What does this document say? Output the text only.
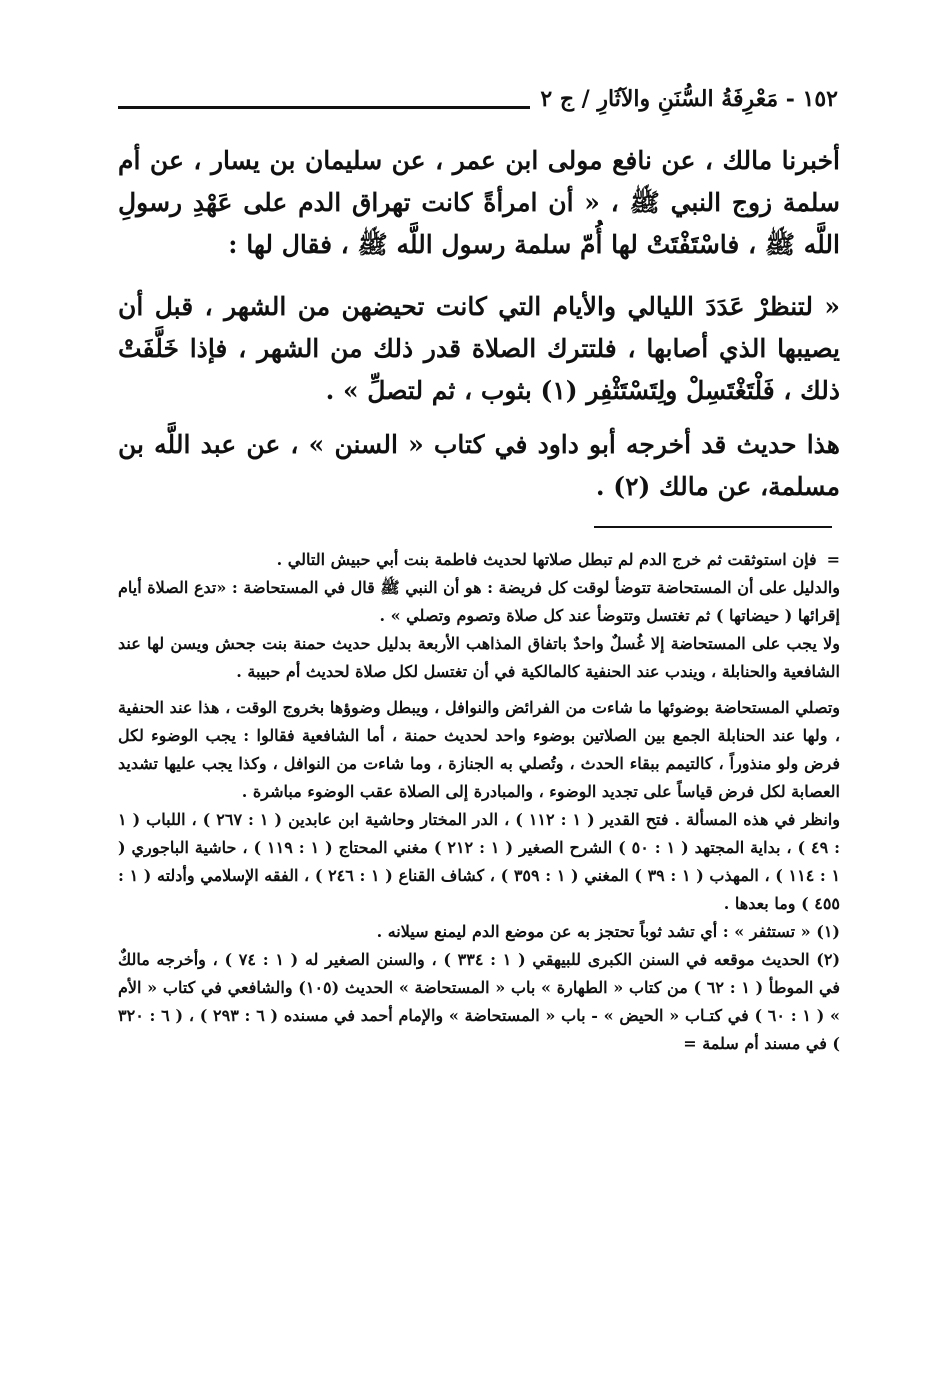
١٥٢ - مَعْرِفَةُ السُّنَنِ والآثَارِ / ج ٢

أخبرنا مالك ، عن نافع مولى ابن عمر ، عن سليمان بن يسار ، عن أم سلمة زوج النبي ﷺ ، « أن امرأةً كانت تهراق الدم على عَهْدِ رسولِ اللَّه ﷺ ، فاسْتَفْتَتْ لها أُمّ سلمة رسول اللَّه ﷺ ، فقال لها :

« لتنظرْ عَدَدَ الليالي والأيام التي كانت تحيضهن من الشهر ، قبل أن يصيبها الذي أصابها ، فلتترك الصلاة قدر ذلك من الشهر ، فإذا خَلَّفَتْ ذلك ، فَلْتَغْتَسِلْ ولِتَسْتَثْفِر (١) بثوب ، ثم لتصلِّ » .

هذا حديث قد أخرجه أبو داود في كتاب « السنن » ، عن عبد اللَّه بن مسلمة، عن مالك (٢) .

=فإن استوثقت ثم خرج الدم لم تبطل صلاتها لحديث فاطمة بنت أبي حبيش التالي .

والدليل على أن المستحاضة تتوضأ لوقت كل فريضة : هو أن النبي ﷺ قال في المستحاضة : «تدع الصلاة أيام إقرائها ( حيضاتها ) ثم تغتسل وتتوضأ عند كل صلاة وتصوم وتصلي » .

ولا يجب على المستحاضة إلا غُسلٌ واحدٌ باتفاق المذاهب الأربعة بدليل حديث حمنة بنت جحش ويسن لها عند الشافعية والحنابلة ، ويندب عند الحنفية كالمالكية في أن تغتسل لكل صلاة لحديث أم حبيبة .

وتصلي المستحاضة بوضوئها ما شاءت من الفرائض والنوافل ، ويبطل وضوؤها بخروج الوقت ، هذا عند الحنفية ، ولها عند الحنابلة الجمع بين الصلاتين بوضوء واحد لحديث حمنة ، أما الشافعية فقالوا : يجب الوضوء لكل فرض ولو منذوراً ، كالتيمم ببقاء الحدث ، وتُصلي به الجنازة ، وما شاءت من النوافل ، وكذا يجب عليها تشديد العصابة لكل فرض قياساً على تجديد الوضوء ، والمبادرة إلى الصلاة عقب الوضوء مباشرة .

وانظر في هذه المسألة . فتح القدير ( ١ : ١١٢ ) ، الدر المختار وحاشية ابن عابدين ( ١ : ٢٦٧ ) ، اللباب ( ١ : ٤٩ ) ، بداية المجتهد ( ١ : ٥٠ ) الشرح الصغير ( ١ : ٢١٢ ) مغني المحتاج ( ١ : ١١٩ ) ، حاشية الباجوري ( ١ : ١١٤ ) ، المهذب ( ١ : ٣٩ ) المغني ( ١ : ٣٥٩ ) ، كشاف القناع ( ١ : ٢٤٦ ) ، الفقه الإسلامي وأدلته ( ١ : ٤٥٥ ) وما بعدها .

(١) « تستثفر » : أي تشد ثوباً تحتجز به عن موضع الدم ليمنع سيلانه .

(٢) الحديث موقعه في السنن الكبرى للبيهقي ( ١ : ٣٣٤ ) ، والسنن الصغير له ( ١ : ٧٤ ) ، وأخرجه مالكٌ في الموطأ ( ١ : ٦٢ ) من كتاب « الطهارة » باب « المستحاضة » الحديث (١٠٥) والشافعي في كتاب « الأم » ( ١ : ٦٠ ) في كتـاب « الحيض » - باب « المستحاضة » والإمام أحمد في مسنده ( ٦ : ٢٩٣ ) ، ( ٦ : ٣٢٠ ) في مسند أم سلمة =
